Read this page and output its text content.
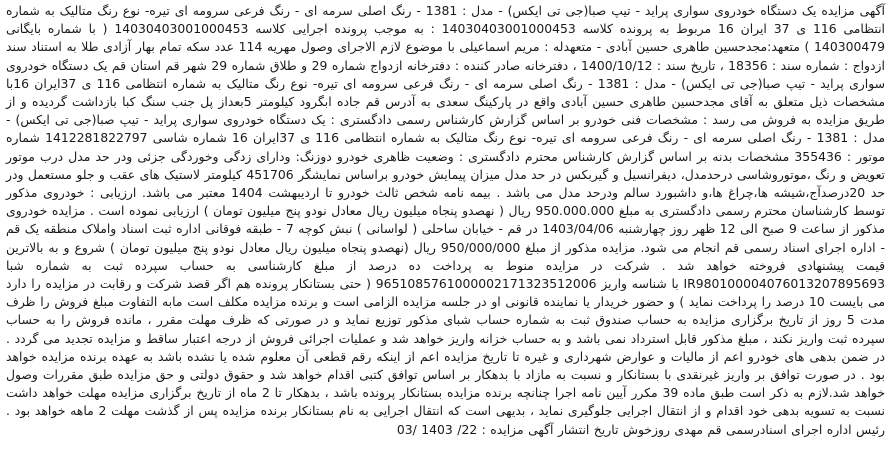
آگهی مزایده یک دستگاه خودروی سواری پراید - تیپ صبا(جی تی ایکس) - مدل : 1381 - رنگ اصلی سرمه ای - رنگ فرعی سرومه ای تیره- نوع رنگ متالیک به شماره انتظامی 116 ی 37 ایران 16 مربوط به پرونده کلاسه 14030403001000453 : به موجب پرونده اجرایی کلاسه 14030403001000453 ( با شماره بایگانی 140300479 ) متعهد:مجدحسین طاهری حسین آبادی - متعهدله : مریم اسماعیلی با موضوع لازم الاجرای وصول مهریه 114 عدد سکه تمام بهار آزادی طلا به استناد سند ازدواج : شماره سند : 18356 ، تاریخ سند : 1400/10/12 ، دفترخانه صادر کننده : دفترخانه ازدواج شماره 29 و طلاق شماره 29 شهر قم استان قم یک دستگاه خودروی سواری پراید - تیپ صبا(جی تی ایکس) - مدل : 1381 - رنگ اصلی سرمه ای - رنگ فرعی سرومه ای تیره- نوع رنگ متالیک به شماره انتظامی 116 ی 37ایران 16با مشخصات ذیل متعلق به آقای مجدحسین طاهری حسین آبادی واقع در پارکینگ سعدی به آدرس قم جاده ابگرود کیلومتر 5بعداز پل جنب سنگ کبا بازداشت گردیده و از طریق مزایده به فروش می رسد : مشخصات فنی خودرو بر اساس گزارش کارشناس رسمی دادگستری : یک دستگاه خودروی سواری پراید - تیپ صبا(جی تی ایکس) - مدل : 1381 - رنگ اصلی سرمه ای - رنگ فرعی سرومه ای تیره- نوع رنگ متالیک به شماره انتظامی 116 ی 37ایران 16 شماره شاسی 1412281822797 شماره موتور : 355436 مشخصات بدنه بر اساس گزارش کارشناس محترم دادگستری : وضعیت ظاهری خودرو دوزنگ: ودارای زدگی وخوردگی جزئی ودر حد مدل درب موتور تعویض و رنگ ،موتوروشاسی درحدمدل، دیفرانسیل و گیربکس در حد مدل میزان پیمایش خودرو براساس نمایشگر 451706 کیلومتر لاستیک های عقب و جلو مستعمل ودر حد 20درصدآج،شیشه ها،چراغ ها،و داشبورد سالم ودرحد مدل می باشد . بیمه نامه شخص ثالث خودرو تا اردیبهشت 1404 معتبر می باشد. ارزیابی : خودروی مذکور توسط کارشناسان محترم رسمی دادگستری به مبلغ 950.000.000 ریال ( نهصدو پنجاه میلیون ریال معادل نودو پنج میلیون تومان ) ارزیابی نموده است . مزایده خودروی مذکور از ساعت 9 صبح الی 12 ظهر روز چهارشنبه 1403/04/06 در قم - خیابان ساحلی ( لواسانی ) نبش کوچه 7 - طبقه فوقانی اداره ثبت اسناد واملاک منطقه یک قم - اداره اجرای اسناد رسمی قم انجام می شود. مزایده مذکور از مبلغ 950/000/000 ریال (نهصدو پنجاه میلیون ریال معادل نودو پنج میلیون تومان ) شروع و به بالاترین قیمت پیشنهادی فروخته خواهد شد . شرکت در مزایده منوط به پرداخت ده درصد از مبلغ کارشناسی به حساب سپرده ثبت به شماره شبا IR980100004076013207895693 با شناسه واریز 965108576100000217132351200‌6 ( حتی بستانکار پرونده هم اگر قصد شرکت و رقابت در مزایده را دارد می بایست 10 درصد را پرداخت نماید ) و حضور خریدار یا نماینده قانونی او در جلسه مزایده الزامی است و برنده مزایده مکلف است مابه التفاوت مبلغ فروش را ظرف مدت 5 روز از تاریخ برگزاری مزایده به حساب صندوق ثبت به شماره حساب شبای مذکور توزیع نماید و در صورتی که ظرف مهلت مقرر ، مانده فروش را به حساب سپرده ثبت واریز نکند ، مبلغ مذکور قابل استرداد نمی باشد و به حساب خزانه واریز خواهد شد و عملیات اجرائی فروش از درجه اعتبار ساقط و مزایده تجدید می گردد . در ضمن بدهی های خودرو اعم از مالیات و عوارض شهرداری و غیره تا تاریخ مزایده اعم از اینکه رقم قطعی آن معلوم شده یا نشده باشد به عهده برنده مزایده خواهد بود . در صورت توافق بر واریز غیرنقدی با بستانکار و نسبت به مازاد با بدهکار بر اساس توافق کتبی اقدام خواهد شد و حقوق دولتی و حق مزایده طبق مقررات وصول خواهد شد.لازم به ذکر است طبق ماده 39 مکرر آیین نامه اجرا چنانچه برنده مزایده بستانکار پرونده باشد ، بدهکار تا 2 ماه از تاریخ برگزاری مزایده مهلت خواهد داشت نسبت به تسویه بدهی خود اقدام و از انتقال اجرایی جلوگیری نماید ، بدیهی است که انتقال اجرایی به نام بستانکار برنده مزایده پس از گذشت مهلت 2 ماهه خواهد بود . رئیس اداره اجرای اسنادرسمی قم مهدی روزخوش تاریخ انتشار آگهی مزایده : 22/ 1403 /03
